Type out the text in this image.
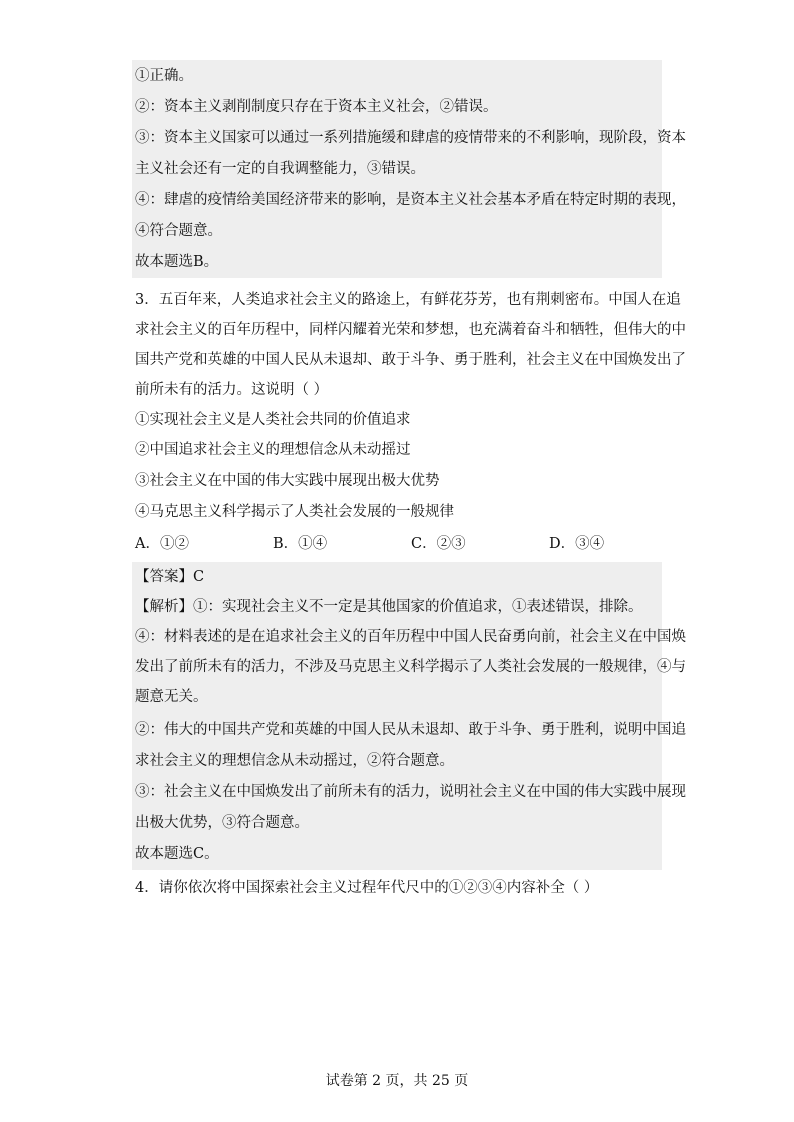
①正确。
②：资本主义剥削制度只存在于资本主义社会，②错误。
③：资本主义国家可以通过一系列措施缓和肆虐的疫情带来的不利影响，现阶段，资本
主义社会还有一定的自我调整能力，③错误。
④：肆虐的疫情给美国经济带来的影响，是资本主义社会基本矛盾在特定时期的表现，
④符合题意。
故本题选B。
3．五百年来，人类追求社会主义的路途上，有鲜花芬芳，也有荆刺密布。中国人在追
求社会主义的百年历程中，同样闪耀着光荣和梦想，也充满着奋斗和牺牲，但伟大的中
国共产党和英雄的中国人民从未退却、敢于斗争、勇于胜利，社会主义在中国焕发出了
前所未有的活力。这说明（ ）
①实现社会主义是人类社会共同的价值追求
②中国追求社会主义的理想信念从未动摇过
③社会主义在中国的伟大实践中展现出极大优势
④马克思主义科学揭示了人类社会发展的一般规律
A．①②	B．①④	C．②③	D．③④
【答案】C
【解析】①：实现社会主义不一定是其他国家的价值追求，①表述错误，排除。
④：材料表述的是在追求社会主义的百年历程中中国人民奋勇向前，社会主义在中国焕
发出了前所未有的活力，不涉及马克思主义科学揭示了人类社会发展的一般规律，④与
题意无关。
②：伟大的中国共产党和英雄的中国人民从未退却、敢于斗争、勇于胜利，说明中国追
求社会主义的理想信念从未动摇过，②符合题意。
③：社会主义在中国焕发出了前所未有的活力，说明社会主义在中国的伟大实践中展现
出极大优势，③符合题意。
故本题选C。
4．请你依次将中国探索社会主义过程年代尺中的①②③④内容补全（ ）
试卷第 2 页，共 25 页
